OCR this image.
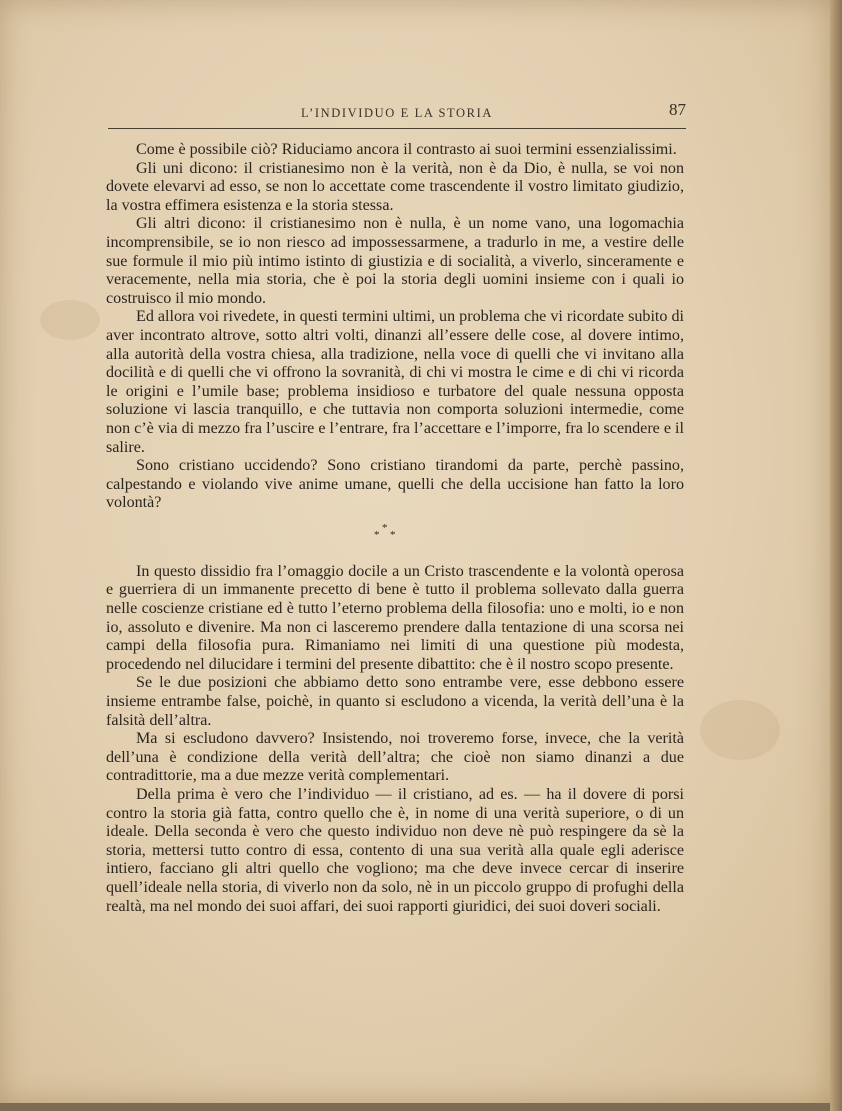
L’INDIVIDUO E LA STORIA	87

Come è possibile ciò? Riduciamo ancora il contrasto ai suoi termini essenzialissimi.

Gli uni dicono: il cristianesimo non è la verità, non è da Dio, è nulla, se voi non dovete elevarvi ad esso, se non lo accettate come trascendente il vostro limitato giudizio, la vostra effimera esistenza e la storia stessa.

Gli altri dicono: il cristianesimo non è nulla, è un nome vano, una logomachia incomprensibile, se io non riesco ad impossessarmene, a tradurlo in me, a vestire delle sue formule il mio più intimo istinto di giustizia e di socialità, a viverlo, sinceramente e veracemente, nella mia storia, che è poi la storia degli uomini insieme con i quali io costruisco il mio mondo.

Ed allora voi rivedete, in questi termini ultimi, un problema che vi ricordate subito di aver incontrato altrove, sotto altri volti, dinanzi all’essere delle cose, al dovere intimo, alla autorità della vostra chiesa, alla tradizione, nella voce di quelli che vi invitano alla docilità e di quelli che vi offrono la sovranità, di chi vi mostra le cime e di chi vi ricorda le origini e l’umile base; problema insidioso e turbatore del quale nessuna opposta soluzione vi lascia tranquillo, e che tuttavia non comporta soluzioni intermedie, come non c’è via di mezzo fra l’uscire e l’entrare, fra l’accettare e l’imporre, fra lo scendere e il salire.

Sono cristiano uccidendo? Sono cristiano tirandomi da parte, perchè passino, calpestando e violando vive anime umane, quelli che della uccisione han fatto la loro volontà?

*
* *

In questo dissidio fra l’omaggio docile a un Cristo trascendente e la volontà operosa e guerriera di un immanente precetto di bene è tutto il problema sollevato dalla guerra nelle coscienze cristiane ed è tutto l’eterno problema della filosofia: uno e molti, io e non io, assoluto e divenire. Ma non ci lasceremo prendere dalla tentazione di una scorsa nei campi della filosofia pura. Rimaniamo nei limiti di una questione più modesta, procedendo nel dilucidare i termini del presente dibattito: che è il nostro scopo presente.

Se le due posizioni che abbiamo detto sono entrambe vere, esse debbono essere insieme entrambe false, poichè, in quanto si escludono a vicenda, la verità dell’una è la falsità dell’altra.

Ma si escludono davvero? Insistendo, noi troveremo forse, invece, che la verità dell’una è condizione della verità dell’altra; che cioè non siamo dinanzi a due contradittorie, ma a due mezze verità complementari.

Della prima è vero che l’individuo — il cristiano, ad es. — ha il dovere di porsi contro la storia già fatta, contro quello che è, in nome di una verità superiore, o di un ideale. Della seconda è vero che questo individuo non deve nè può respingere da sè la storia, mettersi tutto contro di essa, contento di una sua verità alla quale egli aderisce intiero, facciano gli altri quello che vogliono; ma che deve invece cercar di inserire quell’ideale nella storia, di viverlo non da solo, nè in un piccolo gruppo di profughi della realtà, ma nel mondo dei suoi affari, dei suoi rapporti giuridici, dei suoi doveri sociali.
